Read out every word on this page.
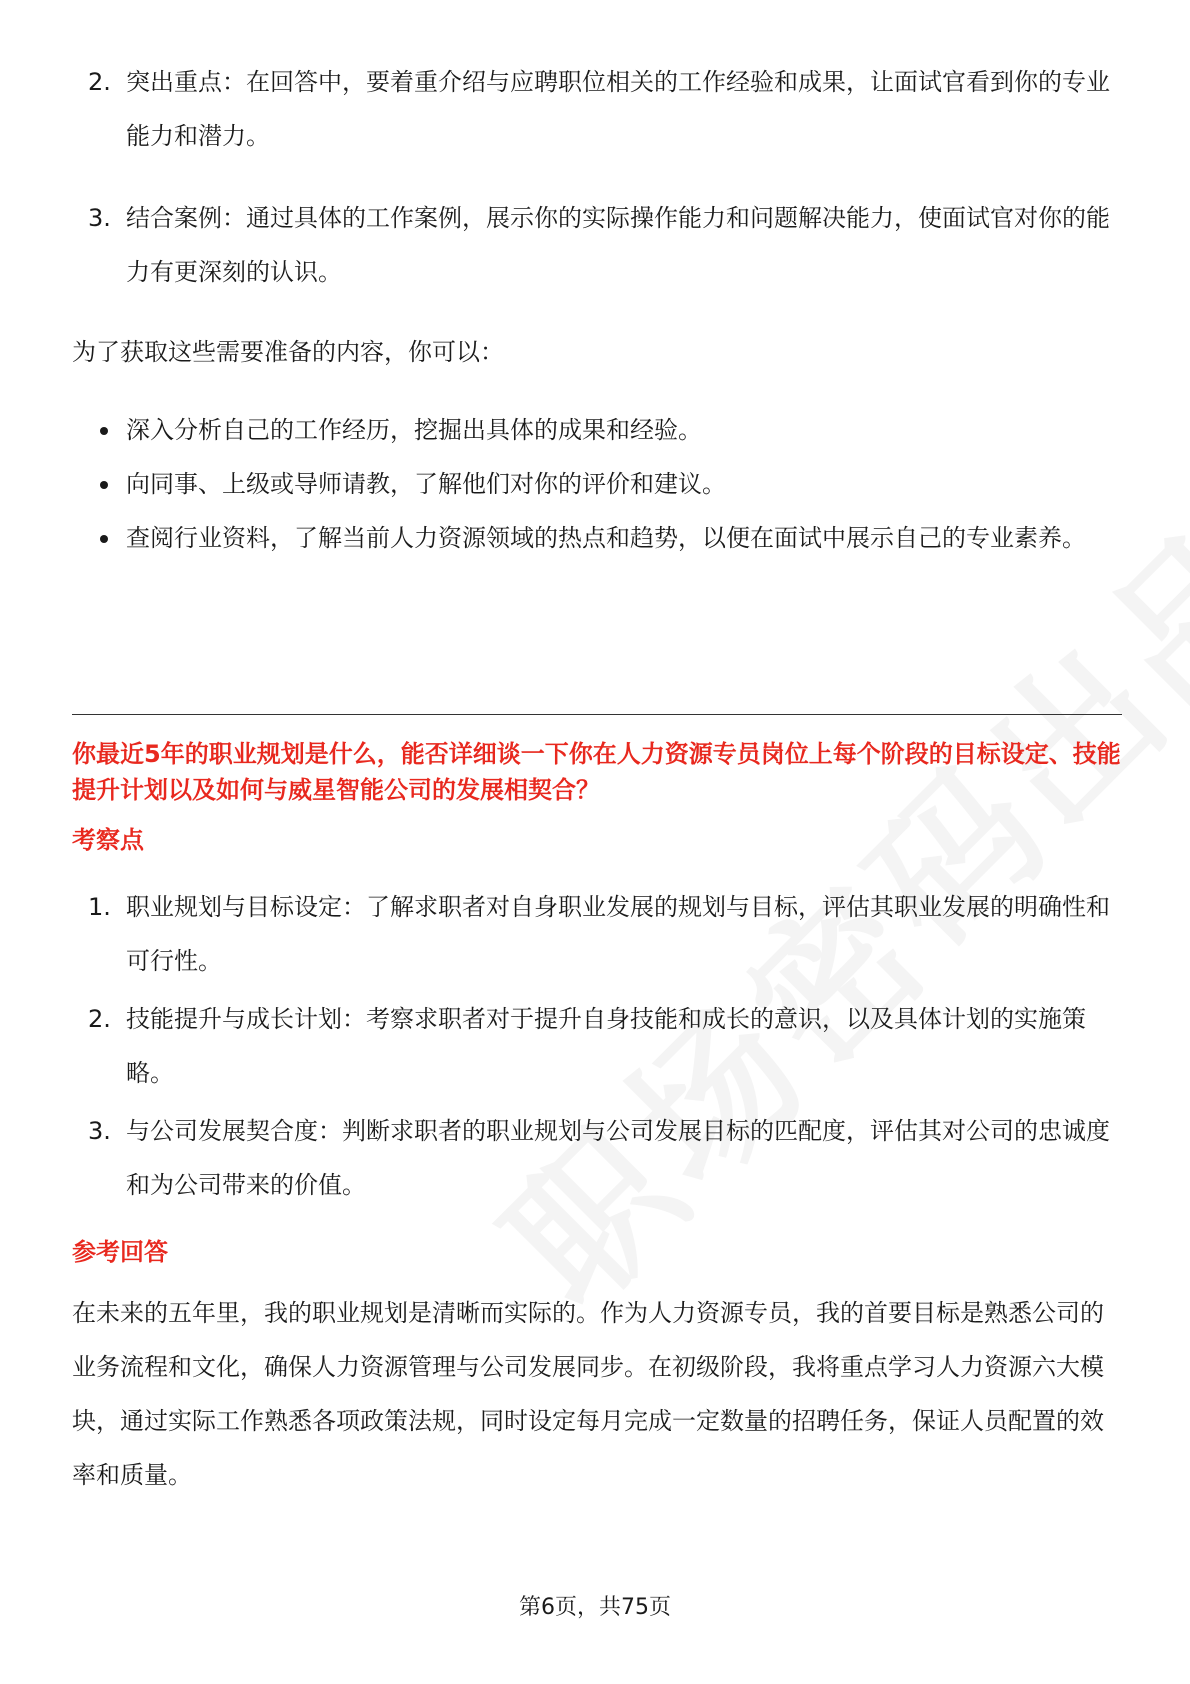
2. 突出重点：在回答中，要着重介绍与应聘职位相关的工作经验和成果，让面试官看到你的专业能力和潜力。
3. 结合案例：通过具体的工作案例，展示你的实际操作能力和问题解决能力，使面试官对你的能力有更深刻的认识。

为了获取这些需要准备的内容，你可以：

深入分析自己的工作经历，挖掘出具体的成果和经验。
向同事、上级或导师请教，了解他们对你的评价和建议。
查阅行业资料，了解当前人力资源领域的热点和趋势，以便在面试中展示自己的专业素养。

你最近5年的职业规划是什么，能否详细谈一下你在人力资源专员岗位上每个阶段的目标设定、技能提升计划以及如何与威星智能公司的发展相契合？

考察点

1. 职业规划与目标设定：了解求职者对自身职业发展的规划与目标，评估其职业发展的明确性和可行性。
2. 技能提升与成长计划：考察求职者对于提升自身技能和成长的意识，以及具体计划的实施策略。
3. 与公司发展契合度：判断求职者的职业规划与公司发展目标的匹配度，评估其对公司的忠诚度和为公司带来的价值。

参考回答

在未来的五年里，我的职业规划是清晰而实际的。作为人力资源专员，我的首要目标是熟悉公司的业务流程和文化，确保人力资源管理与公司发展同步。在初级阶段，我将重点学习人力资源六大模块，通过实际工作熟悉各项政策法规，同时设定每月完成一定数量的招聘任务，保证人员配置的效率和质量。

第6页，共75页
